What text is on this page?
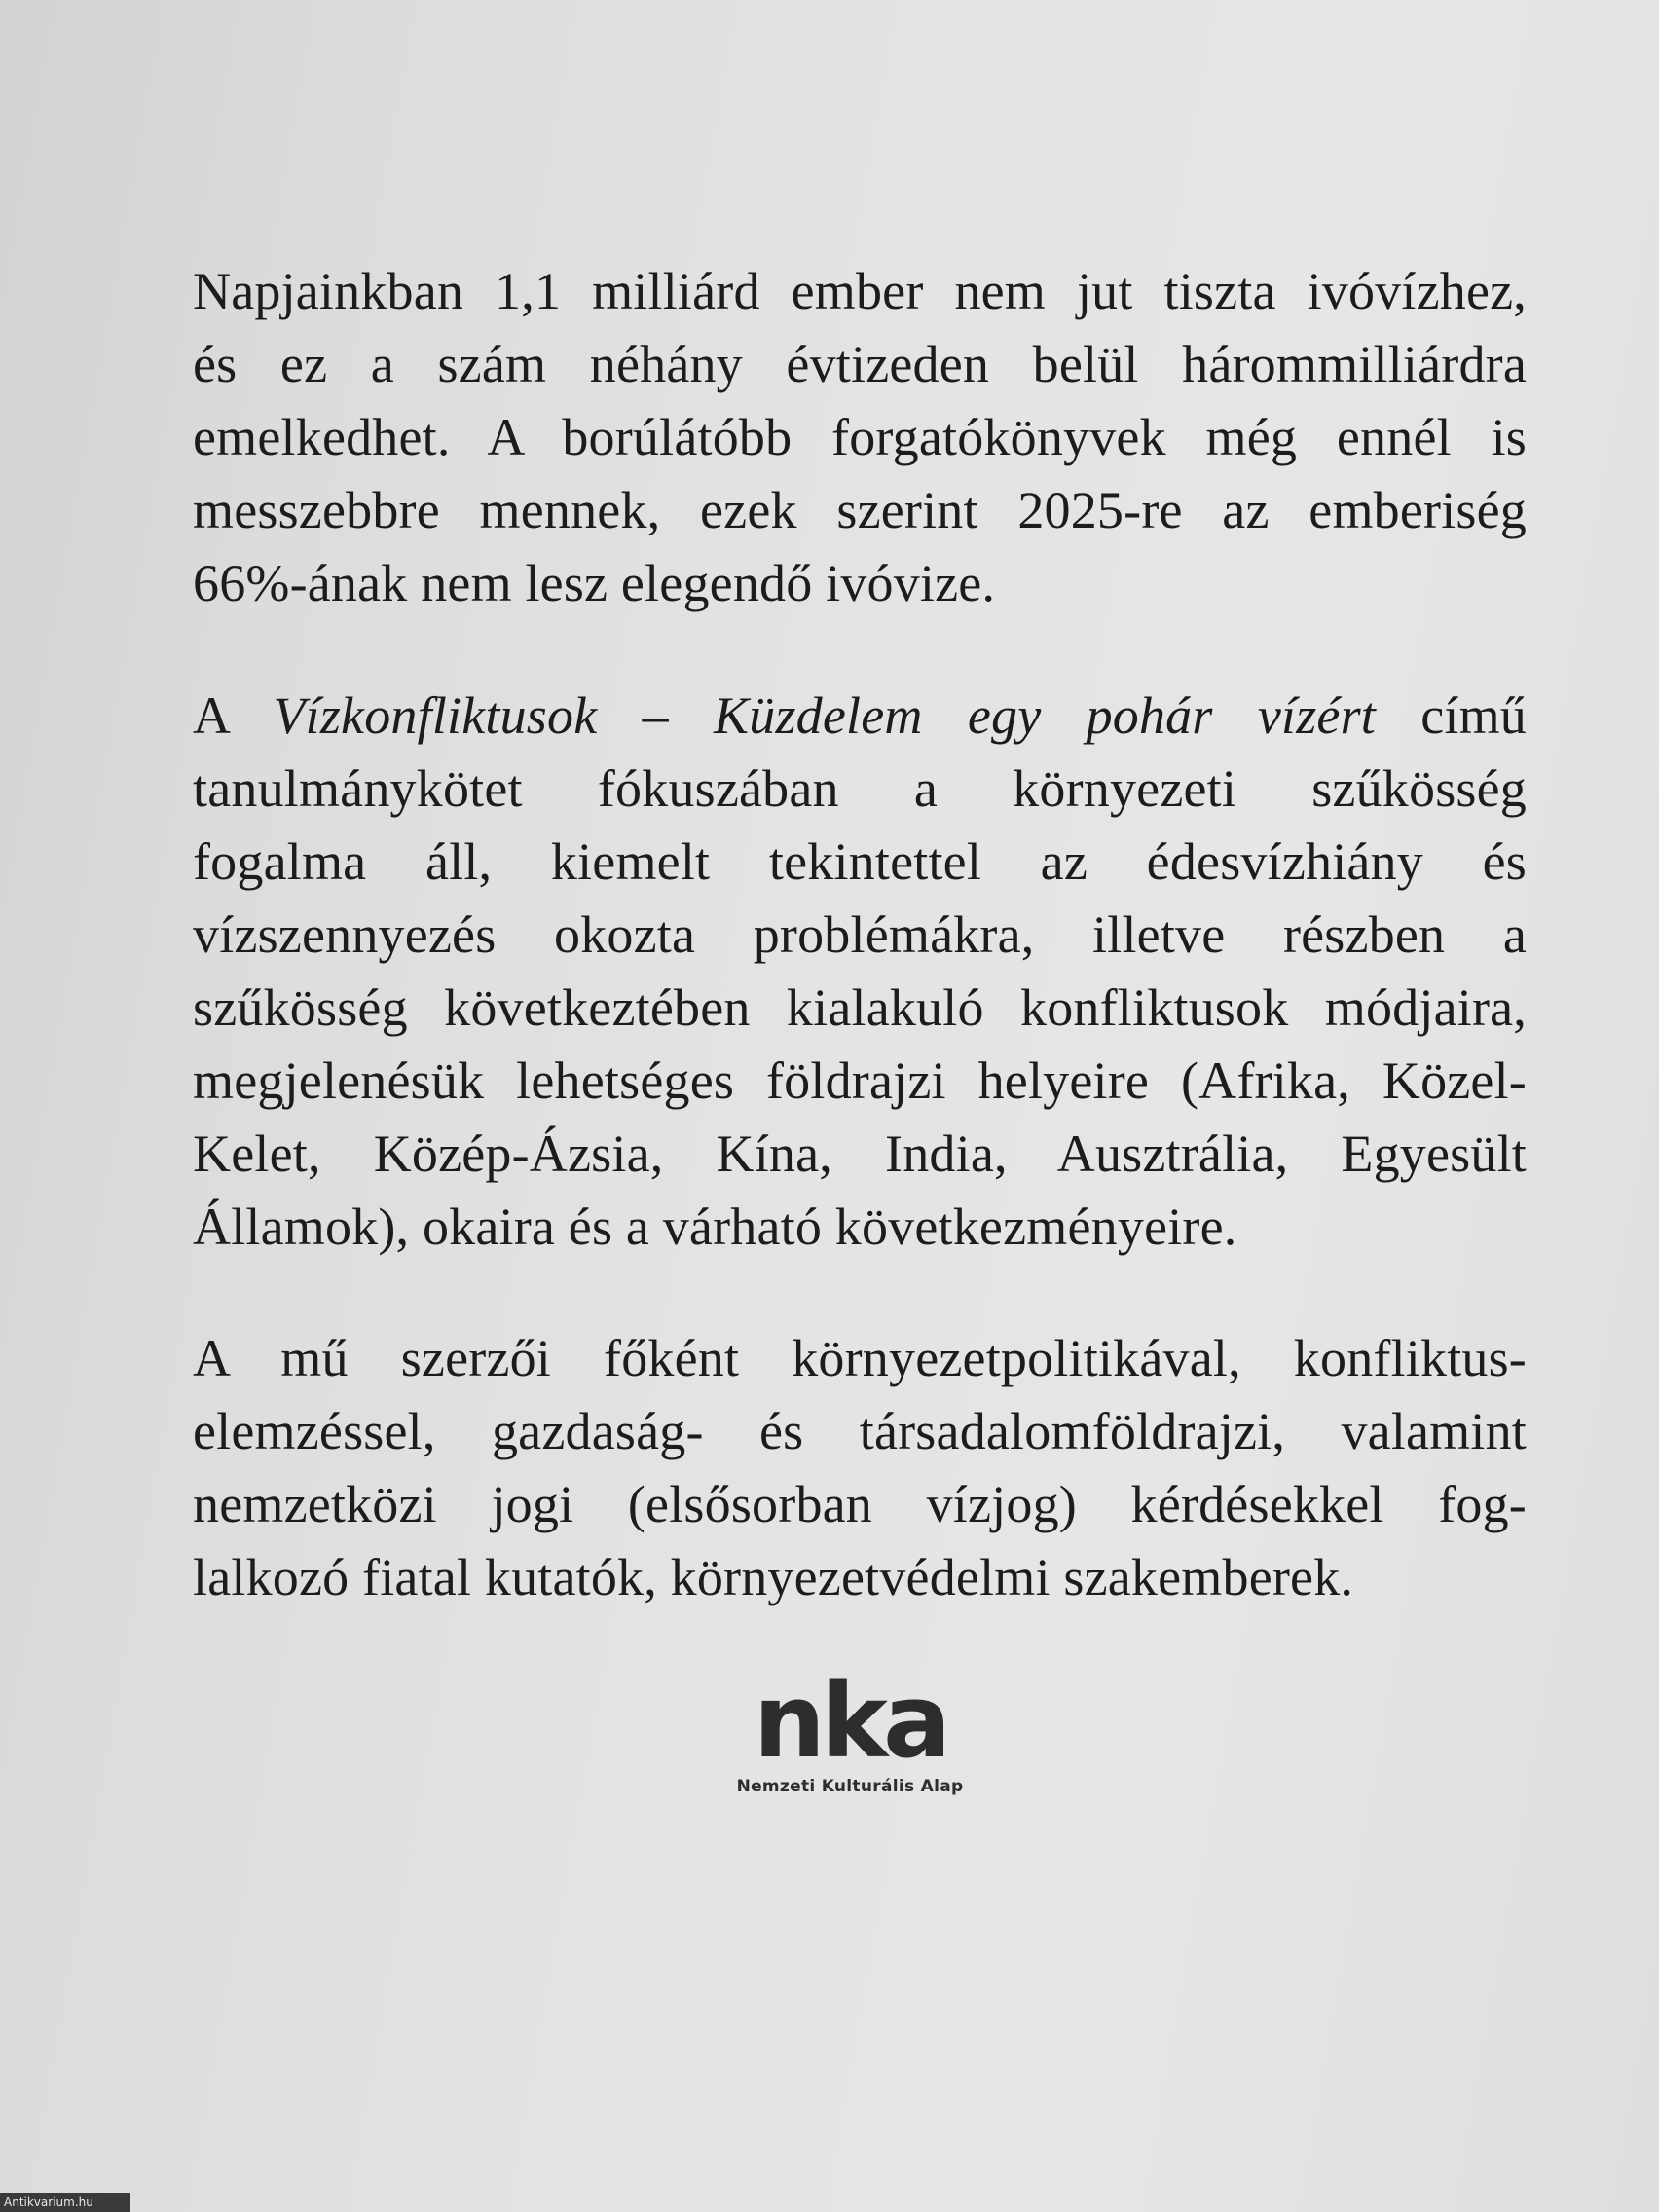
Napjainkban 1,1 milliárd ember nem jut tiszta ivóvízhez,
és ez a szám néhány évtizeden belül hárommilliárdra
emelkedhet. A borúlátóbb forgatókönyvek még ennél is
messzebbre mennek, ezek szerint 2025-re az emberiség
66%-ának nem lesz elegendő ivóvize.
A Vízkonfliktusok – Küzdelem egy pohár vízért című
tanulmánykötet fókuszában a környezeti szűkösség
fogalma áll, kiemelt tekintettel az édesvízhiány és
vízszennyezés okozta problémákra, illetve részben a
szűkösség következtében kialakuló konfliktusok módjaira,
megjelenésük lehetséges földrajzi helyeire (Afrika, Közel-
Kelet, Közép-Ázsia, Kína, India, Ausztrália, Egyesült
Államok), okaira és a várható következményeire.
A mű szerzői főként környezetpolitikával, konfliktus-
elemzéssel, gazdaság- és társadalomföldrajzi, valamint
nemzetközi jogi (elsősorban vízjog) kérdésekkel fog-
lalkozó fiatal kutatók, környezetvédelmi szakemberek.
nka
Nemzeti Kulturális Alap
Antikvarium.hu
